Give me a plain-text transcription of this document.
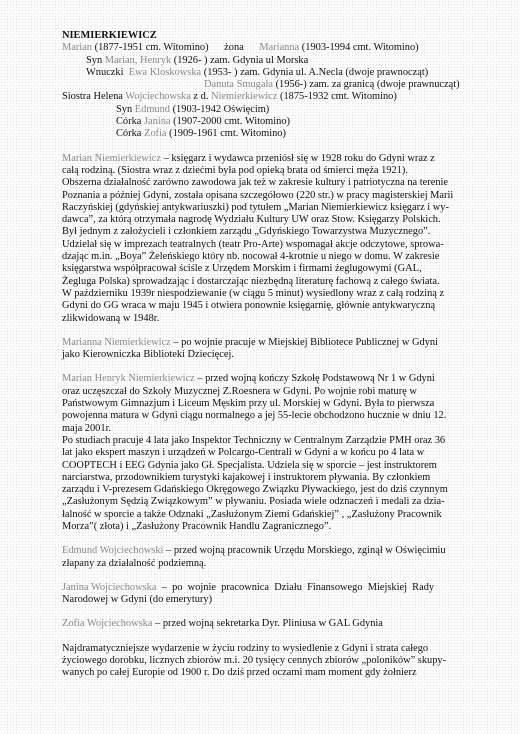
NIEMIERKIEWICZ
Marian (1877-1951 cm. Witomino)      żona      Marianna (1903-1994 cmt. Witomino)
Syn Marian, Henryk (1926- ) zam. Gdynia ul Morska
Wnuczki  Ewa Kloskowska (1953- ) zam. Gdynia ul. A.Necla (dwoje prawnocząt)
Danuta Smugała (1956-) zam. za granicą (dwoje prawnucząt)
Siostra Helena Wojciechowska z d. Niemierkiewicz (1875-1932 cmt. Witomino)
Syn Edmund (1903-1942 Oświęcim)
Córka Janina (1907-2000 cmt. Witomino)
Córka Zofia (1909-1961 cmt. Witomino)
Marian Niemierkiewicz – księgarz i wydawca przeniósł się w 1928 roku do Gdyni wraz z
całą rodziną. (Siostra wraz z dziećmi była pod opieką brata od śmierci męża 1921).
Obszerna działalność zarówno zawodowa jak też w zakresie kultury i patriotyczna na terenie
Poznania a później Gdyni, została opisana szczegółowo (220 str.) w pracy magisterskiej Marii
Raczyńskiej (gdyńskiej antykwariuszki) pod tytułem „Marian Niemierkiewicz księgarz i wy-
dawca”, za którą otrzymała nagrodę Wydziału Kultury UW oraz Stow. Księgarzy Polskich.
Był jednym z założycieli i członkiem zarządu „Gdyńskiego Towarzystwa Muzycznego”.
Udzielał się w imprezach teatralnych (teatr Pro-Arte) wspomagał akcje odczytowe, sprowa-
dzając m.in. „Boya” Żeleńskiego który nb. nocował 4-krotnie u niego w domu. W zakresie
księgarstwa współpracował ściśle z Urzędem Morskim i firmami żeglugowymi (GAL,
Żegluga Polska) sprowadzając i dostarczając niezbędną literaturę fachową z całego świata.
W październiku 1939r niespodziewanie (w ciągu 5 minut) wysiedlony wraz z całą rodziną z
Gdyni do GG wraca w maju 1945 i otwiera ponownie księgarnię, głównie antykwaryczną
zlikwidowaną w 1948r.
Marianna Niemierkiewicz – po wojnie pracuje w Miejskiej Bibliotece Publicznej w Gdyni
jako Kierowniczka Biblioteki Dziecięcej.
Marian Henryk Niemierkiewicz – przed wojną kończy Szkołę Podstawową Nr 1 w Gdyni
oraz uczęszczał do Szkoły Muzycznej Z.Roesnera w Gdyni. Po wojnie robi maturę w
Państwowym Gimnazjum i Liceum Męskim przy ul. Morskiej w Gdyni. Była to pierwsza
powojenna matura w Gdyni ciągu normalnego a jej 55-lecie obchodzono hucznie w dniu 12.
maja 2001r.
Po studiach pracuje 4 lata jako Inspektor Techniczny w Centralnym Zarządzie PMH oraz 36
lat jako ekspert maszyn i urządzeń w Polcargo-Centrali w Gdyni a w końcu po 4 lata w
COOPTECH i EEG Gdynia jako Gł. Specjalista. Udziela się w sporcie – jest instruktorem
narciarstwa, przodownikiem turystyki kajakowej i instruktorem pływania. By członkiem
zarządu i V-prezesem Gdańskiego Okręgowego Związku Pływackiego, jest do dziś czynnym
„Zasłużonym Sędzią Związkowym” w pływaniu. Posiada wiele odznaczeń i medali za dzia-
łalność w sporcie a także Odznaki „Zasłużonym Ziemi Gdańskiej” , „Zasłużony Pracownik
Morza”( złota) i „Zasłużony Pracownik Handlu Zagranicznego”.
Edmund Wojciechowski – przed wojną pracownik Urzędu Morskiego, zginął w Oświęcimiu
złapany za działalność podziemną.
Janina Wojciechowska  –  po  wojnie  pracownica  Działu  Finansowego  Miejskiej  Rady
Narodowej w Gdyni (do emerytury)
Zofia Wojciechowska – przed wojną sekretarka Dyr. Pliniusa w GAL Gdynia
Najdramatyczniejsze wydarzenie w życiu rodziny to wysiedlenie z Gdyni i strata całego
życiowego dorobku, licznych zbiorów m.i. 20 tysięcy cennych zbiorów „poloników” skupy-
wanych po całej Europie od 1900 r. Do dziś przed oczami mam moment gdy żołnierz
